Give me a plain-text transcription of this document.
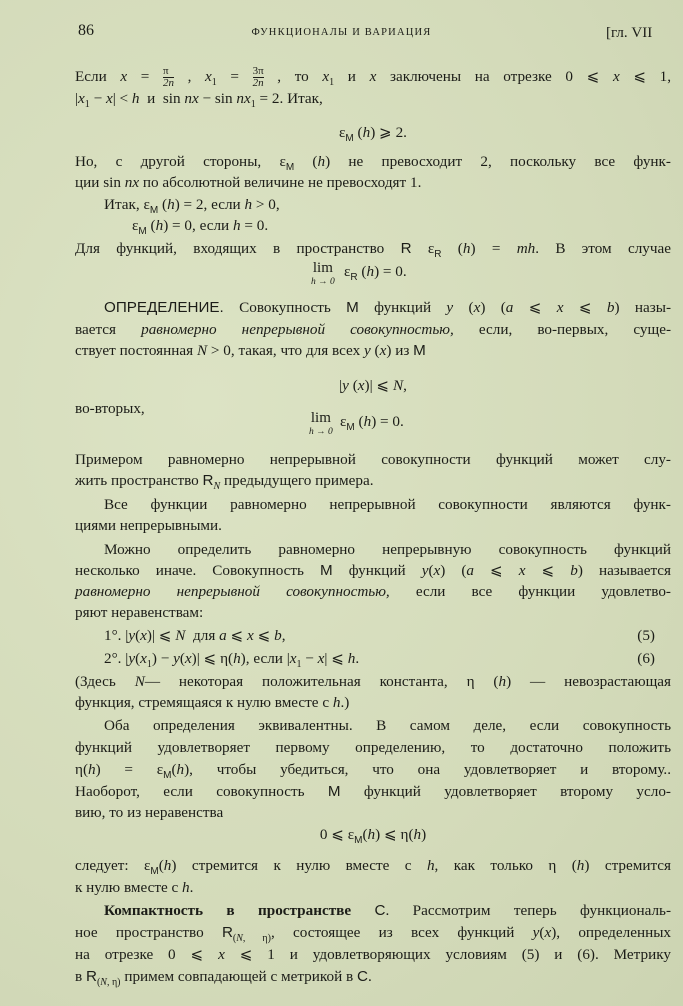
86	ФУНКЦИОНАЛЫ И ВАРИАЦИЯ	[гл. VII
Если $x = \frac{\pi}{2n}$ , $x_1 = \frac{3\pi}{2n}$ , то $x_1$ и x заключены на отрезке 0 ⩽ x ⩽ 1,
$|x_1 - x| < h$ и  sin nx − $\sin nx_1 = 2$. Итак,
$\varepsilon_M$ (h) ⩾ 2.
Но, с другой стороны, $\varepsilon_M$ (h) не превосходит 2, поскольку все функ-
ции sin nx по абсолютной величине не превосходят 1.
Итак, $\varepsilon_M$ (h) = 2, если h > 0,
$\varepsilon_M$ (h) = 0, если h = 0.
Для функций, входящих в пространство R $\varepsilon_R$ (h) = mh. В этом случае
lim
h → 0
$\varepsilon_R$ (h) = 0.
ОПРЕДЕЛЕНИЕ. Совокупность M функций y (x) (a ⩽ x ⩽ b) назы-
вается равномерно непрерывной совокупностью, если, во-первых, суще-
ствует постоянная N > 0, такая, что для всех y (x) из M
|y (x)| ⩽ N,
во-вторых,
lim
h → 0
$\varepsilon_M$ (h) = 0.
Примером равномерно непрерывной совокупности функций может слу-
жить пространство $R_N$ предыдущего примера.
Все функции равномерно непрерывной совокупности являются функ-
циями непрерывными.
Можно определить равномерно непрерывную совокупность функций
несколько иначе. Совокупность M функций y(x) (a ⩽ x ⩽ b) называется
равномерно непрерывной совокупностью, если все функции удовлетво-
ряют неравенствам:
1°. |y(x)| ⩽ N для a ⩽ x ⩽ b,	(5)
2°. $|y(x_1) - y(x)|$ ⩽ η(h), если $|x_1 - x|$ ⩽ h.	(6)
(Здесь N— некоторая положительная константа, η (h) — невозрастающая
функция, стремящаяся к нулю вместе с h.)
Оба определения эквивалентны. В самом деле, если совокупность
функций удовлетворяет первому определению, то достаточно положить
$\eta(h) = \varepsilon_M(h)$, чтобы убедиться, что она удовлетворяет и второму..
Наоборот, если совокупность M функций удовлетворяет второму усло-
вию, то из неравенства
0 ⩽ $\varepsilon_M(h)$ ⩽ η(h)
следует: $\varepsilon_M(h)$ стремится к нулю вместе с h, как только η (h) стремится
к нулю вместе с h.
Компактность в пространстве C. Рассмотрим теперь функциональ-
ное пространство $R_{(N, \eta)}$, состоящее из всех функций y(x), определенных
на отрезке 0 ⩽ x ⩽ 1 и удовлетворяющих условиям (5) и (6). Метрику
в $R_{(N, \eta)}$ примем совпадающей с метрикой в C.
